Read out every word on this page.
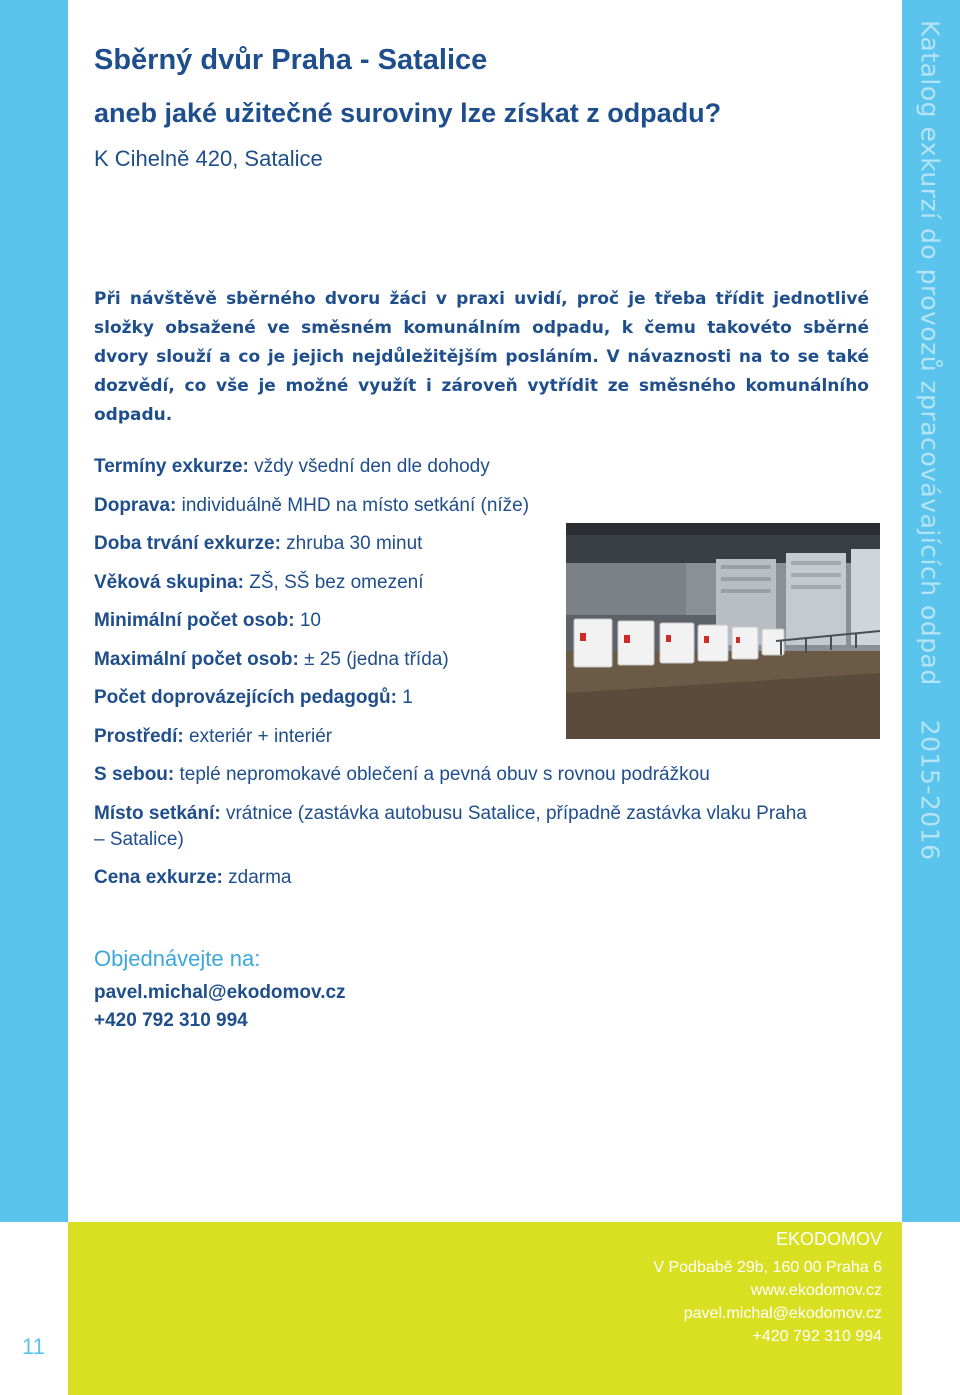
Katalog exkurzí do provozů zpracovávajících odpad2015-2016
Sběrný dvůr Praha - Satalice
aneb jaké užitečné suroviny lze získat z odpadu?
K Cihelně 420, Satalice
Při návštěvě sběrného dvoru žáci v praxi uvidí, proč je třeba třídit jednotlivé složky obsažené ve směsném komunálním odpadu, k čemu takovéto sběrné dvory slouží a co je jejich nejdůležitějším posláním. V návaznosti na to se také dozvědí, co vše je možné využít i zároveň vytřídit ze směsného komunálního odpadu.
Termíny exkurze: vždy všední den dle dohody
Doprava: individuálně MHD na místo setkání (níže)
Doba trvání exkurze: zhruba 30 minut
Věková skupina: ZŠ, SŠ bez omezení
Minimální počet osob: 10
Maximální počet osob: ± 25 (jedna třída)
Počet doprovázejících pedagogů: 1
Prostředí: exteriér + interiér
S sebou: teplé nepromokavé oblečení a pevná obuv s rovnou podrážkou
Místo setkání: vrátnice (zastávka autobusu Satalice, případně zastávka vlaku Praha – Satalice)
Cena exkurze: zdarma
Objednávejte na:
pavel.michal@ekodomov.cz
+420 792 310 994
11
EKODOMOV
V Podbabě 29b, 160 00 Praha 6
www.ekodomov.cz
pavel.michal@ekodomov.cz
+420 792 310 994
